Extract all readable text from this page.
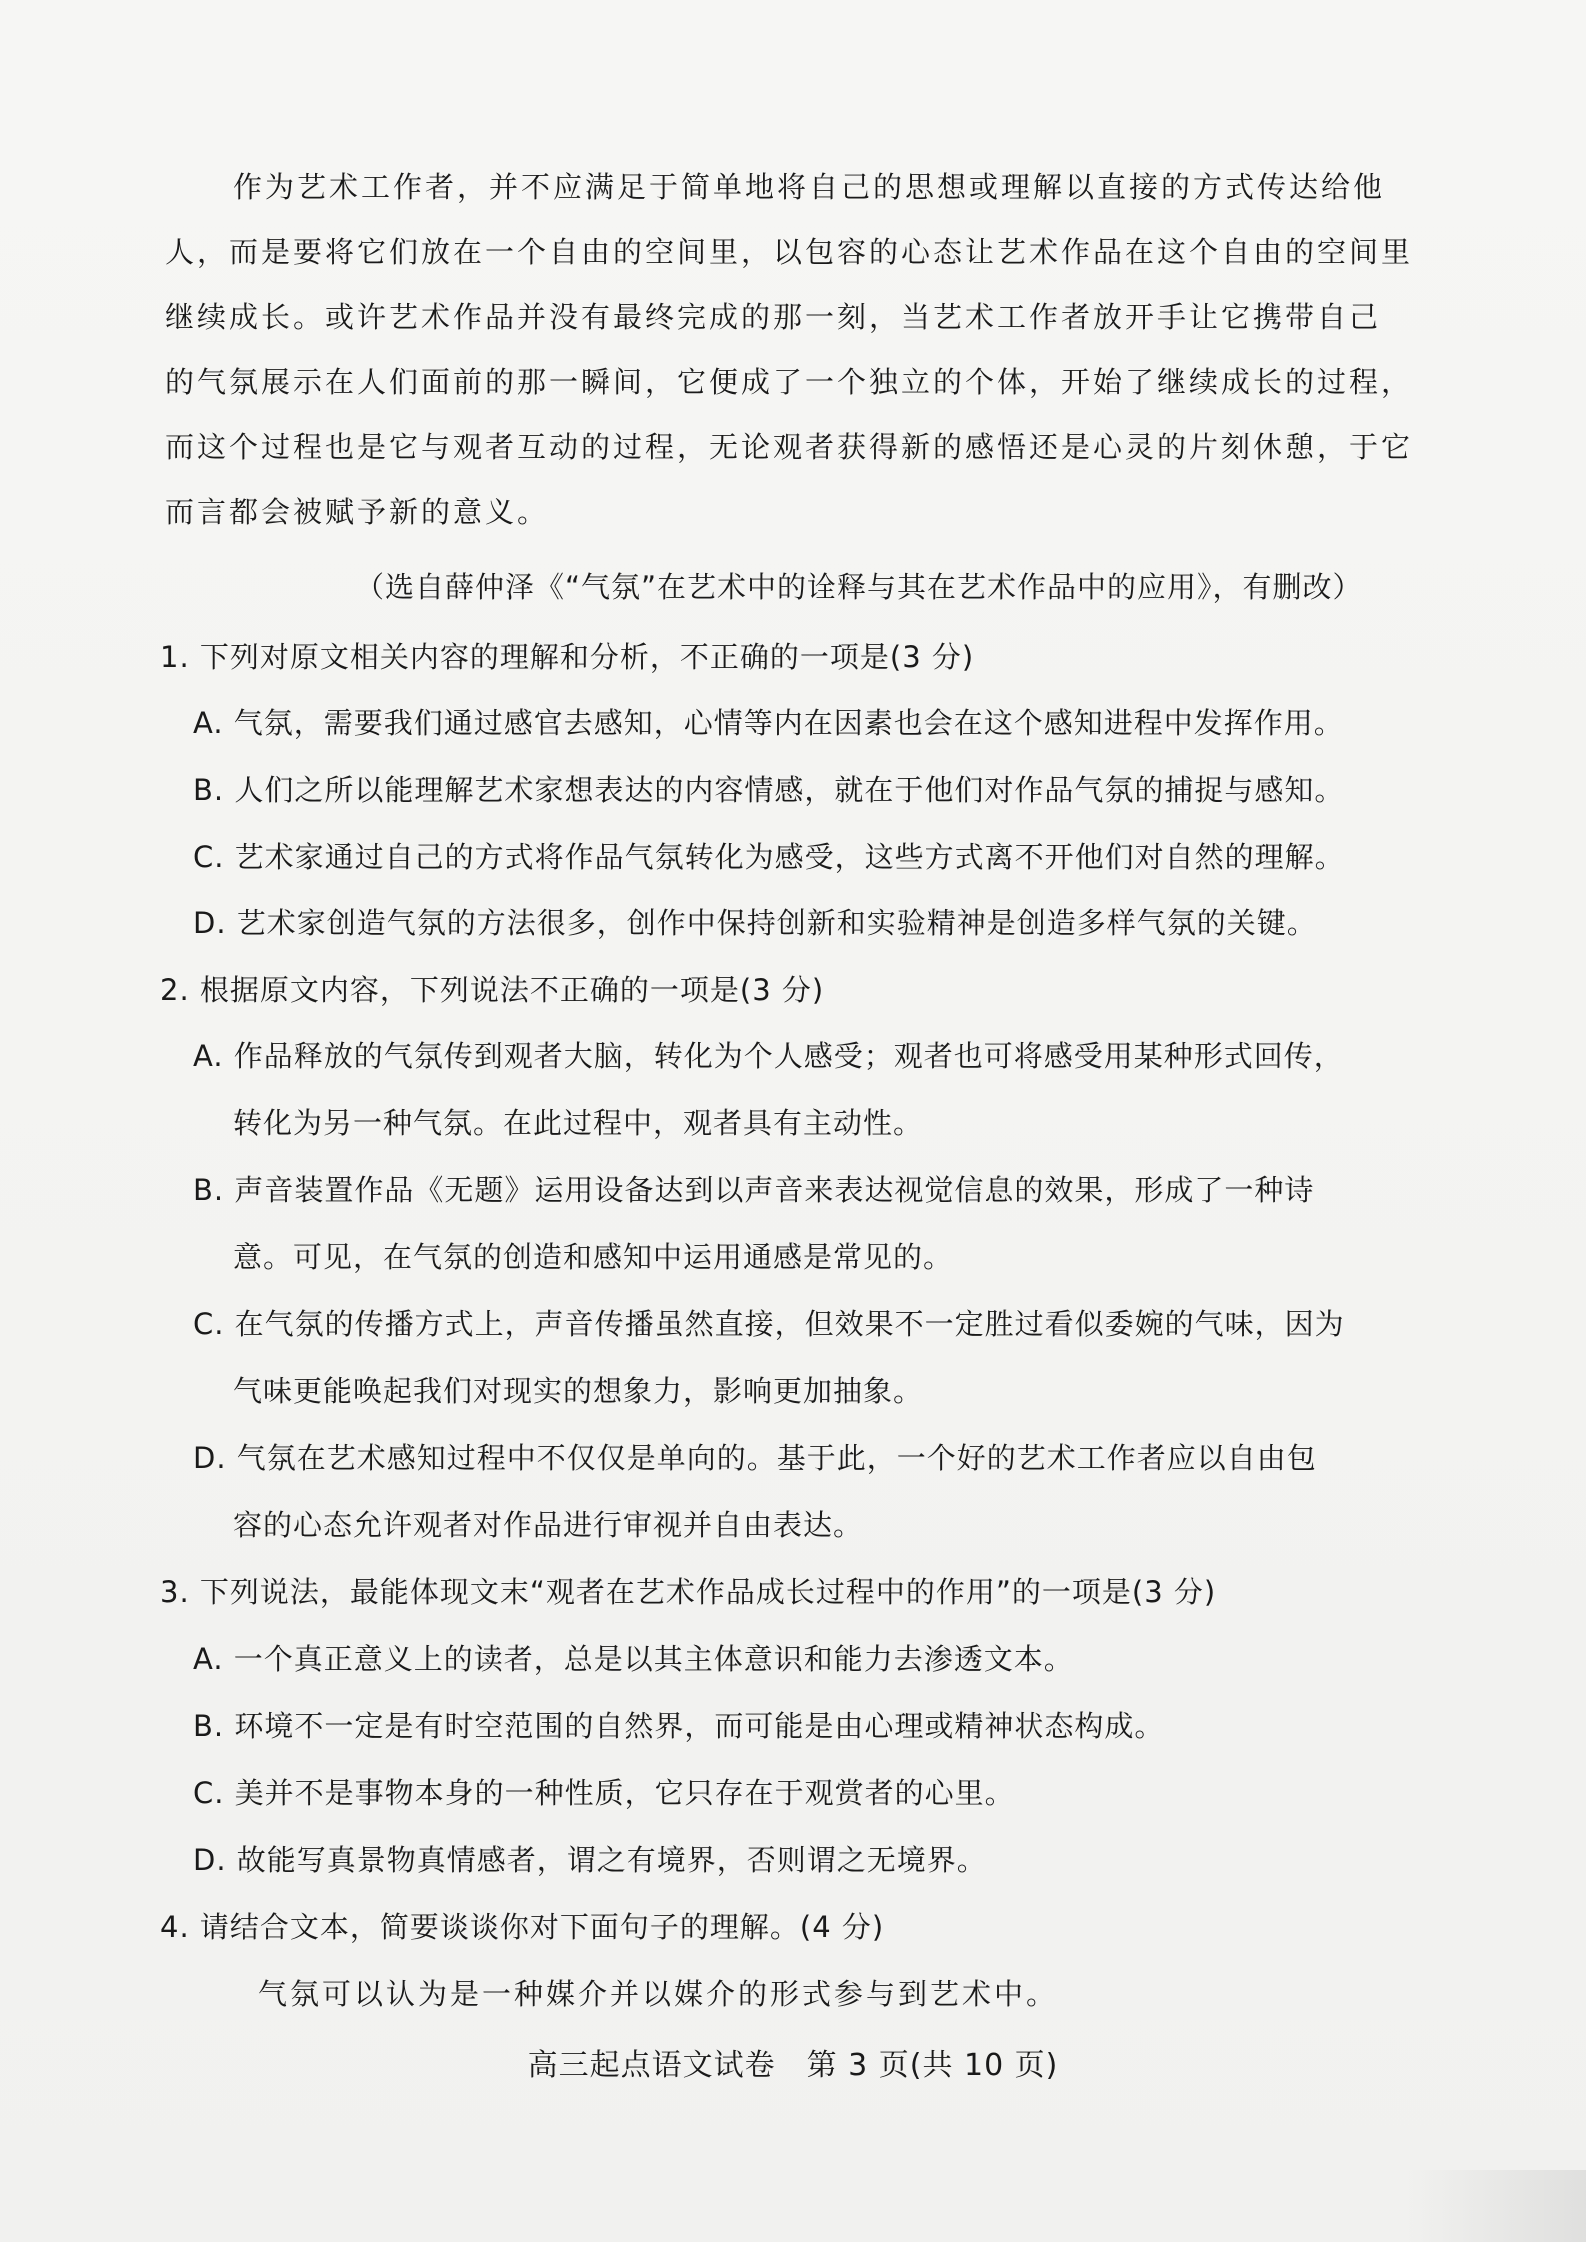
作为艺术工作者，并不应满足于简单地将自己的思想或理解以直接的方式传达给他
人，而是要将它们放在一个自由的空间里，以包容的心态让艺术作品在这个自由的空间里
继续成长。或许艺术作品并没有最终完成的那一刻，当艺术工作者放开手让它携带自己
的气氛展示在人们面前的那一瞬间，它便成了一个独立的个体，开始了继续成长的过程，
而这个过程也是它与观者互动的过程，无论观者获得新的感悟还是心灵的片刻休憩，于它
而言都会被赋予新的意义。
（选自薛仲泽《“气氛”在艺术中的诠释与其在艺术作品中的应用》，有删改）
1. 下列对原文相关内容的理解和分析，不正确的一项是(3 分)
A. 气氛，需要我们通过感官去感知，心情等内在因素也会在这个感知进程中发挥作用。
B. 人们之所以能理解艺术家想表达的内容情感，就在于他们对作品气氛的捕捉与感知。
C. 艺术家通过自己的方式将作品气氛转化为感受，这些方式离不开他们对自然的理解。
D. 艺术家创造气氛的方法很多，创作中保持创新和实验精神是创造多样气氛的关键。
2. 根据原文内容，下列说法不正确的一项是(3 分)
A. 作品释放的气氛传到观者大脑，转化为个人感受；观者也可将感受用某种形式回传，
转化为另一种气氛。在此过程中，观者具有主动性。
B. 声音装置作品《无题》运用设备达到以声音来表达视觉信息的效果，形成了一种诗
意。可见，在气氛的创造和感知中运用通感是常见的。
C. 在气氛的传播方式上，声音传播虽然直接，但效果不一定胜过看似委婉的气味，因为
气味更能唤起我们对现实的想象力，影响更加抽象。
D. 气氛在艺术感知过程中不仅仅是单向的。基于此，一个好的艺术工作者应以自由包
容的心态允许观者对作品进行审视并自由表达。
3. 下列说法，最能体现文末“观者在艺术作品成长过程中的作用”的一项是(3 分)
A. 一个真正意义上的读者，总是以其主体意识和能力去渗透文本。
B. 环境不一定是有时空范围的自然界，而可能是由心理或精神状态构成。
C. 美并不是事物本身的一种性质，它只存在于观赏者的心里。
D. 故能写真景物真情感者，谓之有境界，否则谓之无境界。
4. 请结合文本，简要谈谈你对下面句子的理解。(4 分)
气氛可以认为是一种媒介并以媒介的形式参与到艺术中。
高三起点语文试卷　第 3 页(共 10 页)
